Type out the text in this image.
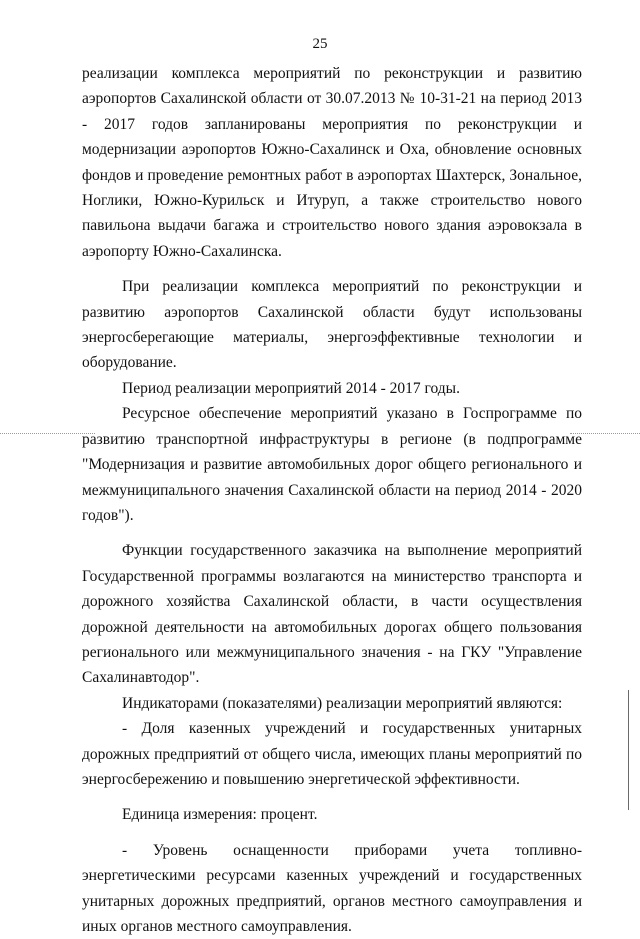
25

реализации комплекса мероприятий по реконструкции и развитию аэропортов Сахалинской области от 30.07.2013 № 10-31-21 на период 2013 - 2017 годов запланированы мероприятия по реконструкции и модернизации аэропортов Южно-Сахалинск и Оха, обновление основных фондов и проведение ремонтных работ в аэропортах Шахтерск, Зональное, Ноглики, Южно-Курильск и Итуруп, а также строительство нового павильона выдачи багажа и строительство нового здания аэровокзала в аэропорту Южно-Сахалинска.

При реализации комплекса мероприятий по реконструкции и развитию аэропортов Сахалинской области будут использованы энергосберегающие материалы, энергоэффективные технологии и оборудование.

Период реализации мероприятий 2014 - 2017 годы.

Ресурсное обеспечение мероприятий указано в Госпрограмме по развитию транспортной инфраструктуры в регионе (в подпрограмме "Модернизация и развитие автомобильных дорог общего регионального и межмуниципального значения Сахалинской области на период 2014 - 2020 годов").

Функции государственного заказчика на выполнение мероприятий Государственной программы возлагаются на министерство транспорта и дорожного хозяйства Сахалинской области, в части осуществления дорожной деятельности на автомобильных дорогах общего пользования регионального или межмуниципального значения - на ГКУ "Управление Сахалинавтодор".

Индикаторами (показателями) реализации мероприятий являются:

- Доля казенных учреждений и государственных унитарных дорожных предприятий от общего числа, имеющих планы мероприятий по энергосбережению и повышению энергетической эффективности.

Единица измерения: процент.

- Уровень оснащенности приборами учета топливно-энергетическими ресурсами казенных учреждений и государственных унитарных дорожных предприятий, органов местного самоуправления и иных органов местного самоуправления.
